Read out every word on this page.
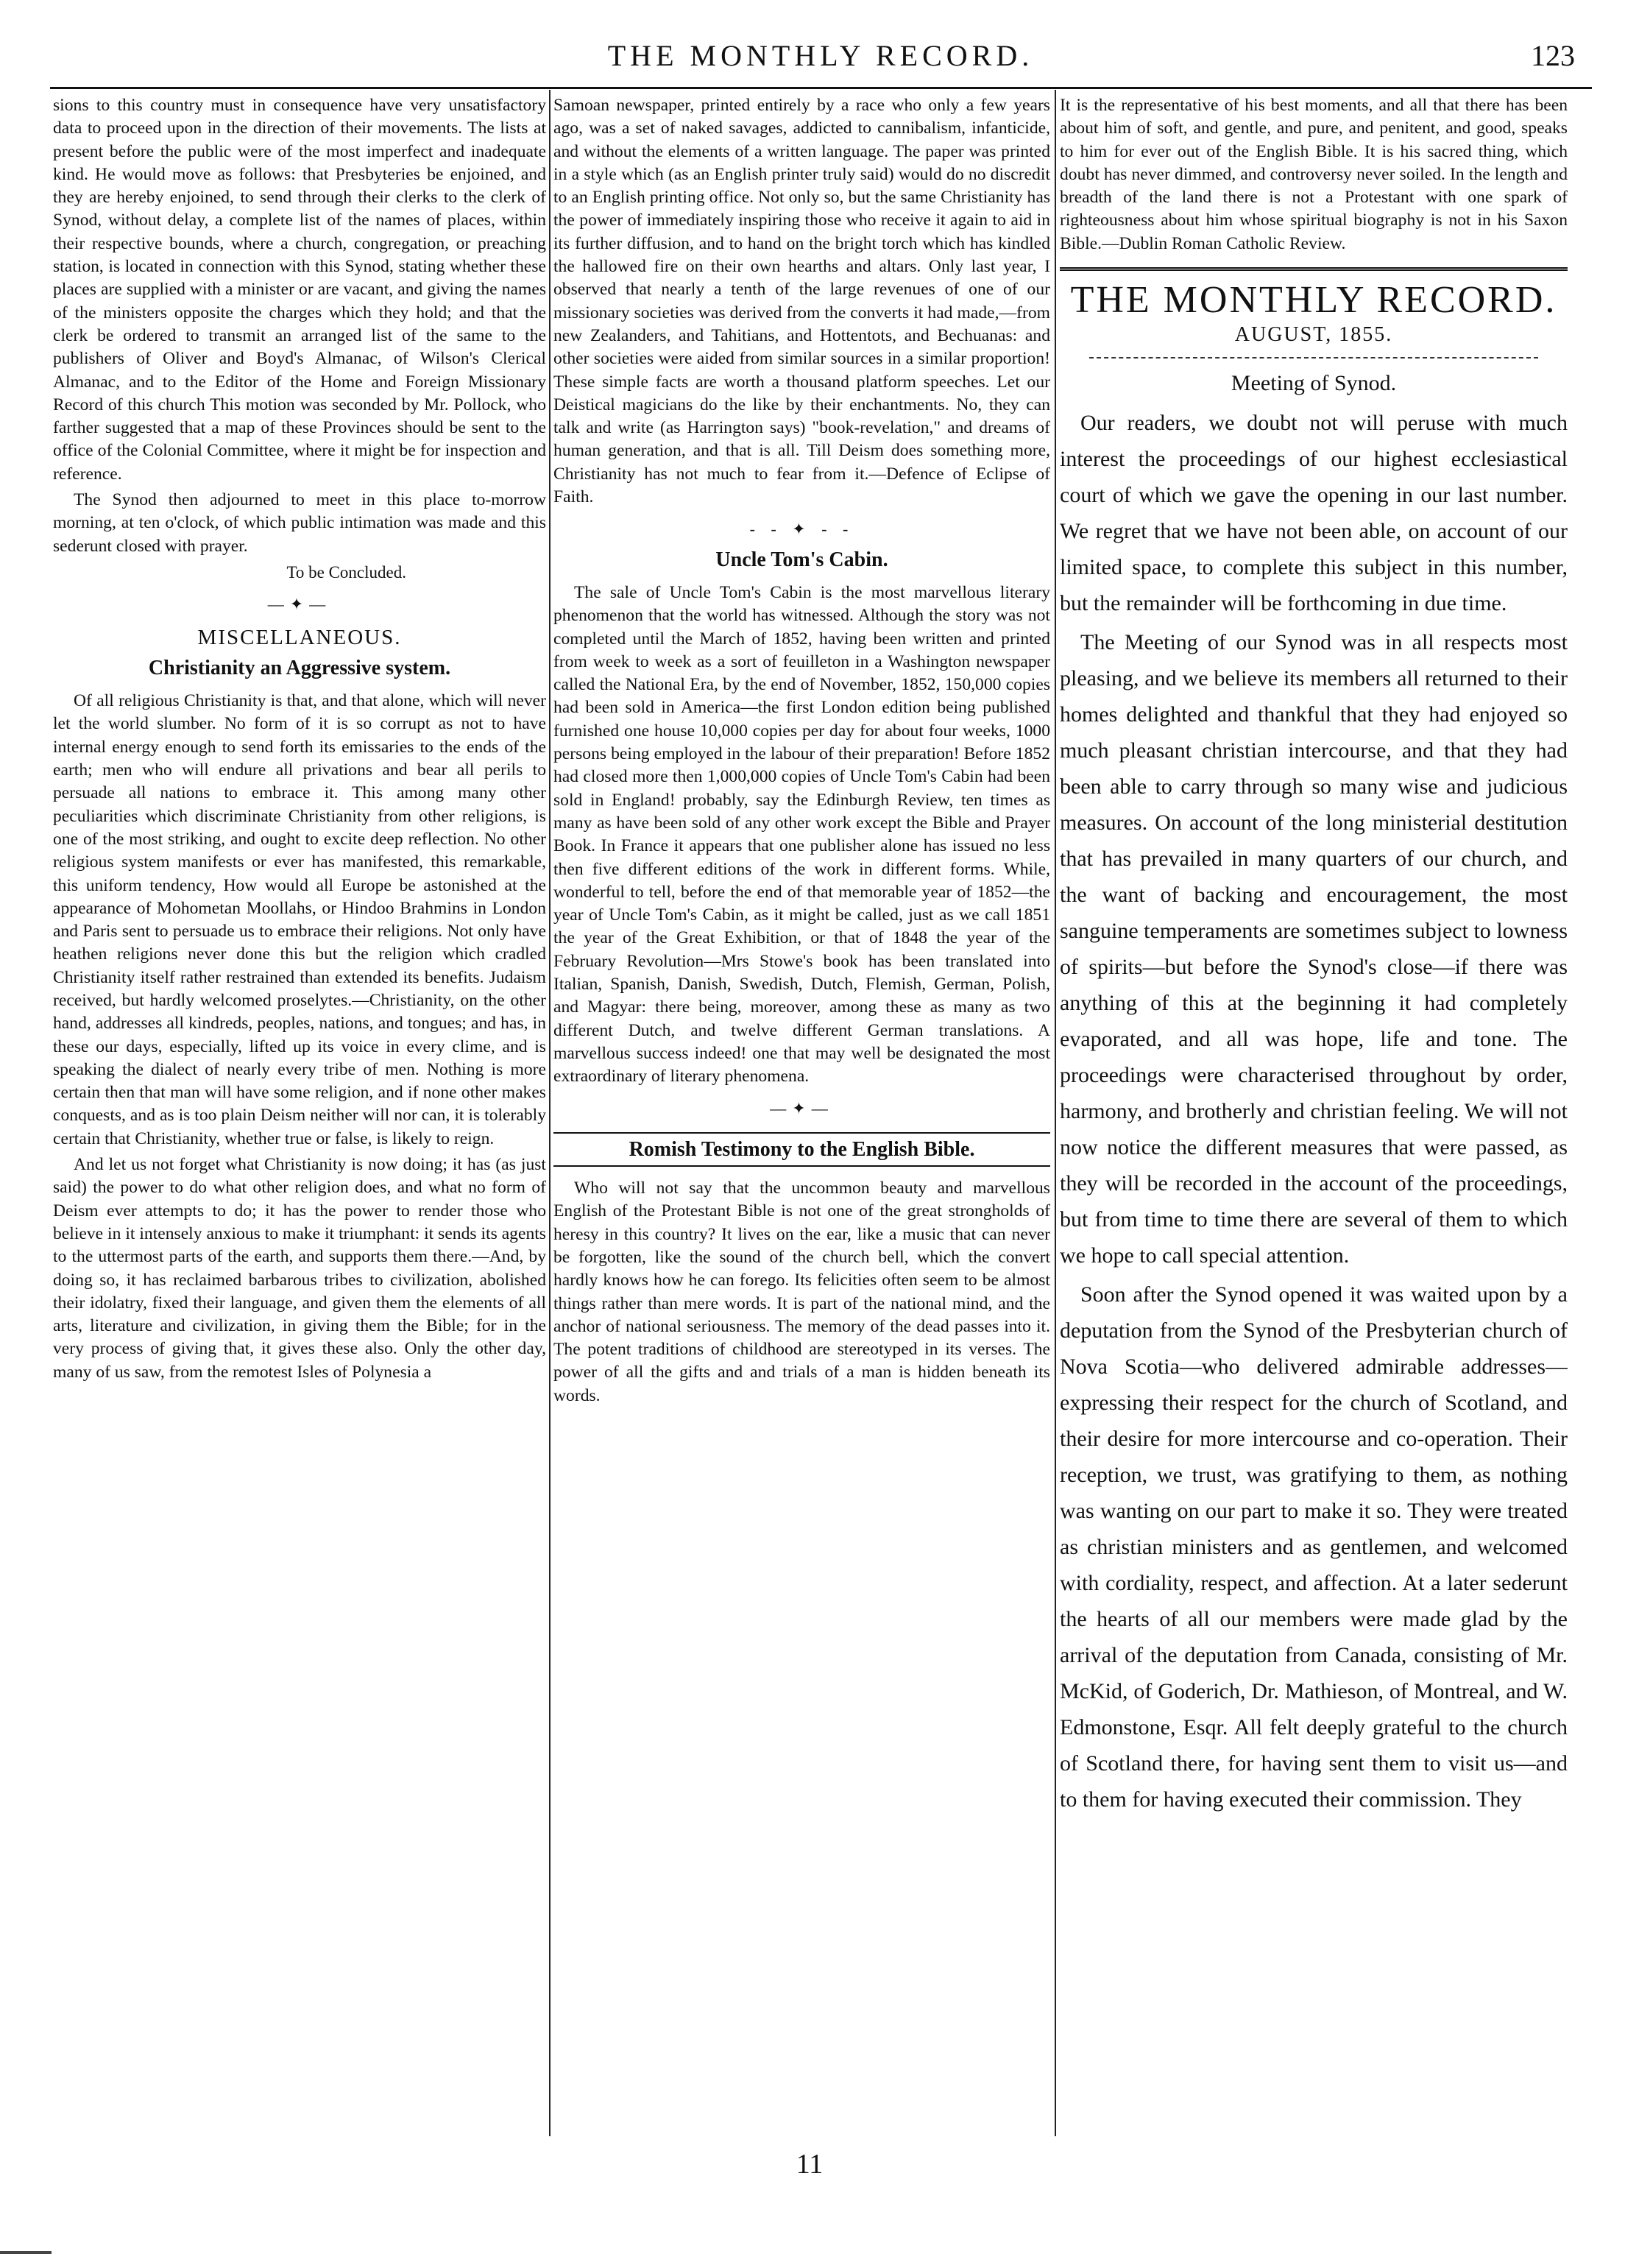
THE MONTHLY RECORD.	123

sions to this country must in consequence have very unsatisfactory data to proceed upon in the direction of their movements. The lists at present before the public were of the most imperfect and inadequate kind. He would move as follows: that Presbyteries be enjoined, and they are hereby enjoined, to send through their clerks to the clerk of Synod, without delay, a complete list of the names of places, within their respective bounds, where a church, congregation, or preaching station, is located in connection with this Synod, stating whether these places are supplied with a minister or are vacant, and giving the names of the ministers opposite the charges which they hold; and that the clerk be ordered to transmit an arranged list of the same to the publishers of Oliver and Boyd's Almanac, of Wilson's Clerical Almanac, and to the Editor of the Home and Foreign Missionary Record of this church This motion was seconded by Mr. Pollock, who farther suggested that a map of these Provinces should be sent to the office of the Colonial Committee, where it might be for inspection and reference.

The Synod then adjourned to meet in this place to-morrow morning, at ten o'clock, of which public intimation was made and this sederunt closed with prayer.

To be Concluded.
—✦—
MISCELLANEOUS.
Christianity an Aggressive system.

Of all religious Christianity is that, and that alone, which will never let the world slumber. No form of it is so corrupt as not to have internal energy enough to send forth its emissaries to the ends of the earth; men who will endure all privations and bear all perils to persuade all nations to embrace it. This among many other peculiarities which discriminate Christianity from other religions, is one of the most striking, and ought to excite deep reflection. No other religious system manifests or ever has manifested, this remarkable, this uniform tendency, How would all Europe be astonished at the appearance of Mohometan Moollahs, or Hindoo Brahmins in London and Paris sent to persuade us to embrace their religions. Not only have heathen religions never done this but the religion which cradled Christianity itself rather restrained than extended its benefits. Judaism received, but hardly welcomed proselytes.—Christianity, on the other hand, addresses all kindreds, peoples, nations, and tongues; and has, in these our days, especially, lifted up its voice in every clime, and is speaking the dialect of nearly every tribe of men. Nothing is more certain then that man will have some religion, and if none other makes conquests, and as is too plain Deism neither will nor can, it is tolerably certain that Christianity, whether true or false, is likely to reign.

And let us not forget what Christianity is now doing; it has (as just said) the power to do what other religion does, and what no form of Deism ever attempts to do; it has the power to render those who believe in it intensely anxious to make it triumphant: it sends its agents to the uttermost parts of the earth, and supports them there.—And, by doing so, it has reclaimed barbarous tribes to civilization, abolished their idolatry, fixed their language, and given them the elements of all arts, literature and civilization, in giving them the Bible; for in the very process of giving that, it gives these also. Only the other day, many of us saw, from the remotest Isles of Polynesia a

Samoan newspaper, printed entirely by a race who only a few years ago, was a set of naked savages, addicted to cannibalism, infanticide, and without the elements of a written language. The paper was printed in a style which (as an English printer truly said) would do no discredit to an English printing office. Not only so, but the same Christianity has the power of immediately inspiring those who receive it again to aid in its further diffusion, and to hand on the bright torch which has kindled the hallowed fire on their own hearths and altars. Only last year, I observed that nearly a tenth of the large revenues of one of our missionary societies was derived from the converts it had made,—from new Zealanders, and Tahitians, and Hottentots, and Bechuanas: and other societies were aided from similar sources in a similar proportion! These simple facts are worth a thousand platform speeches. Let our Deistical magicians do the like by their enchantments. No, they can talk and write (as Harrington says) "book-revelation," and dreams of human generation, and that is all. Till Deism does something more, Christianity has not much to fear from it.—Defence of Eclipse of Faith.

- - ✦ - -
Uncle Tom's Cabin.

The sale of Uncle Tom's Cabin is the most marvellous literary phenomenon that the world has witnessed. Although the story was not completed until the March of 1852, having been written and printed from week to week as a sort of feuilleton in a Washington newspaper called the National Era, by the end of November, 1852, 150,000 copies had been sold in America—the first London edition being published furnished one house 10,000 copies per day for about four weeks, 1000 persons being employed in the labour of their preparation! Before 1852 had closed more then 1,000,000 copies of Uncle Tom's Cabin had been sold in England! probably, say the Edinburgh Review, ten times as many as have been sold of any other work except the Bible and Prayer Book. In France it appears that one publisher alone has issued no less then five different editions of the work in different forms. While, wonderful to tell, before the end of that memorable year of 1852—the year of Uncle Tom's Cabin, as it might be called, just as we call 1851 the year of the Great Exhibition, or that of 1848 the year of the February Revolution—Mrs Stowe's book has been translated into Italian, Spanish, Danish, Swedish, Dutch, Flemish, German, Polish, and Magyar: there being, moreover, among these as many as two different Dutch, and twelve different German translations. A marvellous success indeed! one that may well be designated the most extraordinary of literary phenomena.

—✦—
Romish Testimony to the English Bible.

Who will not say that the uncommon beauty and marvellous English of the Protestant Bible is not one of the great strongholds of heresy in this country? It lives on the ear, like a music that can never be forgotten, like the sound of the church bell, which the convert hardly knows how he can forego. Its felicities often seem to be almost things rather than mere words. It is part of the national mind, and the anchor of national seriousness. The memory of the dead passes into it. The potent traditions of childhood are stereotyped in its verses. The power of all the gifts and and trials of a man is hidden beneath its words.

It is the representative of his best moments, and all that there has been about him of soft, and gentle, and pure, and penitent, and good, speaks to him for ever out of the English Bible. It is his sacred thing, which doubt has never dimmed, and controversy never soiled. In the length and breadth of the land there is not a Protestant with one spark of righteousness about him whose spiritual biography is not in his Saxon Bible.—Dublin Roman Catholic Review.

THE MONTHLY RECORD.
AUGUST, 1855.
Meeting of Synod.

Our readers, we doubt not will peruse with much interest the proceedings of our highest ecclesiastical court of which we gave the opening in our last number. We regret that we have not been able, on account of our limited space, to complete this subject in this number, but the remainder will be forthcoming in due time.

The Meeting of our Synod was in all respects most pleasing, and we believe its members all returned to their homes delighted and thankful that they had enjoyed so much pleasant christian intercourse, and that they had been able to carry through so many wise and judicious measures. On account of the long ministerial destitution that has prevailed in many quarters of our church, and the want of backing and encouragement, the most sanguine temperaments are sometimes subject to lowness of spirits—but before the Synod's close—if there was anything of this at the beginning it had completely evaporated, and all was hope, life and tone. The proceedings were characterised throughout by order, harmony, and brotherly and christian feeling. We will not now notice the different measures that were passed, as they will be recorded in the account of the proceedings, but from time to time there are several of them to which we hope to call special attention.

Soon after the Synod opened it was waited upon by a deputation from the Synod of the Presbyterian church of Nova Scotia—who delivered admirable addresses—expressing their respect for the church of Scotland, and their desire for more intercourse and co-operation. Their reception, we trust, was gratifying to them, as nothing was wanting on our part to make it so. They were treated as christian ministers and as gentlemen, and welcomed with cordiality, respect, and affection. At a later sederunt the hearts of all our members were made glad by the arrival of the deputation from Canada, consisting of Mr. McKid, of Goderich, Dr. Mathieson, of Montreal, and W. Edmonstone, Esqr. All felt deeply grateful to the church of Scotland there, for having sent them to visit us—and to them for having executed their commission. They

11
